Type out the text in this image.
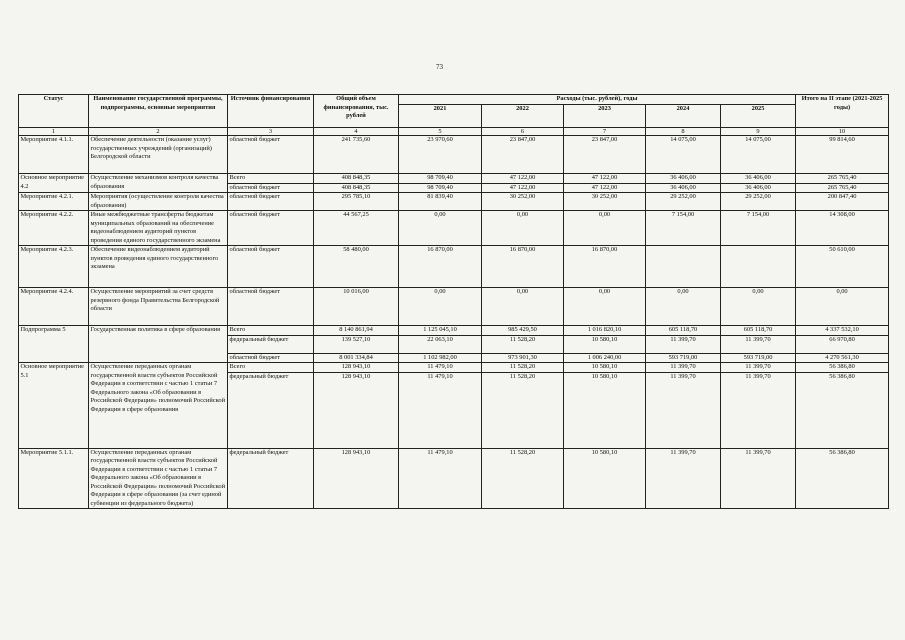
73
Статус	Наименование государственной программы, подпрограммы, основные мероприятия	Источник финансирования	Общий объем финансирования, тыс. рублей	Расходы (тыс. рублей), годы					Итого на II этапе (2021-2025 годы)
				2021	2022	2023	2024	2025	
1	2	3	4	5	6	7	8	9	10
Мероприятие 4.1.1.	Обеспечение деятельности (оказание услуг) государственных учреждений (организаций) Белгородской области	областной бюджет	241 735,60	23 970,60	23 847,00	23 847,00	14 075,00	14 075,00	99 814,60
Основное мероприятие 4.2	Осуществление механизмов контроля качества образования	Всего	408 848,35	98 709,40	47 122,00	47 122,00	36 406,00	36 406,00	265 765,40
		областной бюджет	408 848,35	98 709,40	47 122,00	47 122,00	36 406,00	36 406,00	265 765,40
Мероприятие 4.2.1.	Мероприятия (осуществление контроля качества образования)	областной бюджет	295 785,10	81 839,40	30 252,00	30 252,00	29 252,00	29 252,00	200 847,40
Мероприятие 4.2.2.	Иные межбюджетные трансферты бюджетам муниципальных образований на обеспечение видеонаблюдением аудиторий пунктов проведения единого государственного экзамена	областной бюджет	44 567,25	0,00	0,00	0,00	7 154,00	7 154,00	14 308,00
Мероприятие 4.2.3.	Обеспечение видеонаблюдением аудиторий пунктов проведения единого государственного экзамена	областной бюджет	58 480,00	16 870,00	16 870,00	16 870,00			50 610,00
Мероприятие 4.2.4.	Осуществление мероприятий за счет средств резервного фонда Правительства Белгородской области	областной бюджет	10 016,00	0,00	0,00	0,00	0,00	0,00	0,00
Подпрограмма 5	Государственная политика в сфере образования	Всего	8 140 861,94	1 125 045,10	985 429,50	1 016 820,10	605 118,70	605 118,70	4 337 532,10
		федеральный бюджет	139 527,10	22 063,10	11 528,20	10 580,10	11 399,70	11 399,70	66 970,80
		областной бюджет	8 001 334,84	1 102 982,00	973 901,30	1 006 240,00	593 719,00	593 719,00	4 270 561,30
Основное мероприятие 5.1	Осуществление переданных органам государственной власти субъектов Российской Федерации в соответствии с частью 1 статьи 7 Федерального закона «Об образовании в Российской Федерации» полномочий Российской Федерации в сфере образования	Всего	128 943,10	11 479,10	11 528,20	10 580,10	11 399,70	11 399,70	56 386,80
		федеральный бюджет	128 943,10	11 479,10	11 528,20	10 580,10	11 399,70	11 399,70	56 386,80
Мероприятие 5.1.1.	Осуществление переданных органам государственной власти субъектов Российской Федерации в соответствии с частью 1 статьи 7 Федерального закона «Об образовании в Российской Федерации» полномочий Российской Федерации в сфере образования (за счет единой субвенции из федерального бюджета)	федеральный бюджет	128 943,10	11 479,10	11 528,20	10 580,10	11 399,70	11 399,70	56 386,80
